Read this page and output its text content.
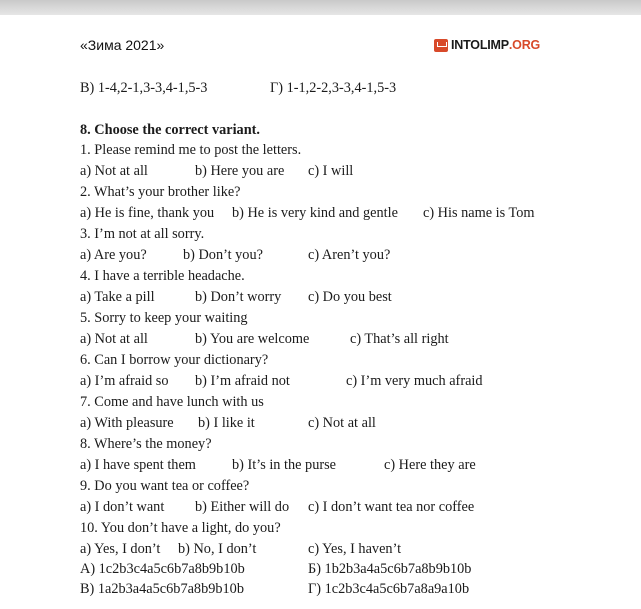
«Зима 2021»	INTOLIMP .ORG
В) 1-4,2-1,3-3,4-1,5-3	Г) 1-1,2-2,3-3,4-1,5-3
8. Choose the correct variant.
1. Please remind me to post the letters.
a) Not at all	b) Here you are c) I will
2. What’s your brother like?
a) He is fine, thank you b) He is very kind and gentle c) His name is Tom
3. I’m not at all sorry.
a) Are you?	b) Don’t you?	c) Aren’t you?
4. I have a terrible headache.
a) Take a pill	b) Don’t worry c) Do you best
5. Sorry to keep your waiting
a) Not at all	b) You are welcome	c) That’s all right
6. Can I borrow your dictionary?
a) I’m afraid so b) I’m afraid not	c) I’m very much afraid
7. Come and have lunch with us
a) With pleasure b) I like it	c) Not at all
8. Where’s the money?
a) I have spent them	b) It’s in the purse	c) Here they are
9. Do you want tea or coffee?
a) I don’t want b) Either will do c) I don’t want tea nor coffee
10. You don’t have a light, do you?
a) Yes, I don’t b) No, I don’t	c) Yes, I haven’t
А) 1c2b3c4a5c6b7a8b9b10b	Б) 1b2b3a4a5c6b7a8b9b10b
В) 1a2b3a4a5c6b7a8b9b10b	Г) 1c2b3c4a5c6b7a8a9a10b
